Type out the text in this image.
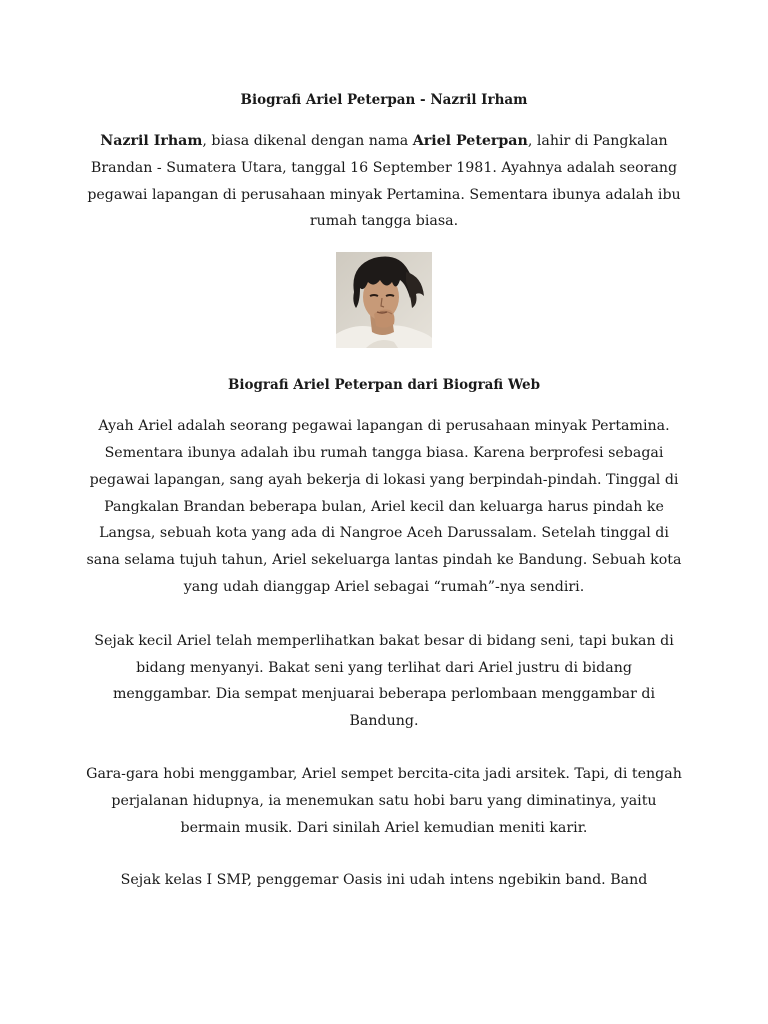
Biografi Ariel Peterpan - Nazril Irham

Nazril Irham, biasa dikenal dengan nama Ariel Peterpan, lahir di Pangkalan Brandan - Sumatera Utara, tanggal 16 September 1981. Ayahnya adalah seorang pegawai lapangan di perusahaan minyak Pertamina. Sementara ibunya adalah ibu rumah tangga biasa.

Biografi Ariel Peterpan dari Biografi Web

Ayah Ariel adalah seorang pegawai lapangan di perusahaan minyak Pertamina. Sementara ibunya adalah ibu rumah tangga biasa. Karena berprofesi sebagai pegawai lapangan, sang ayah bekerja di lokasi yang berpindah-pindah. Tinggal di Pangkalan Brandan beberapa bulan, Ariel kecil dan keluarga harus pindah ke Langsa, sebuah kota yang ada di Nangroe Aceh Darussalam. Setelah tinggal di sana selama tujuh tahun, Ariel sekeluarga lantas pindah ke Bandung. Sebuah kota yang udah dianggap Ariel sebagai “rumah”-nya sendiri.

Sejak kecil Ariel telah memperlihatkan bakat besar di bidang seni, tapi bukan di bidang menyanyi. Bakat seni yang terlihat dari Ariel justru di bidang menggambar. Dia sempat menjuarai beberapa perlombaan menggambar di Bandung.

Gara-gara hobi menggambar, Ariel sempet bercita-cita jadi arsitek. Tapi, di tengah perjalanan hidupnya, ia menemukan satu hobi baru yang diminatinya, yaitu bermain musik. Dari sinilah Ariel kemudian meniti karir.

Sejak kelas I SMP, penggemar Oasis ini udah intens ngebikin band. Band
